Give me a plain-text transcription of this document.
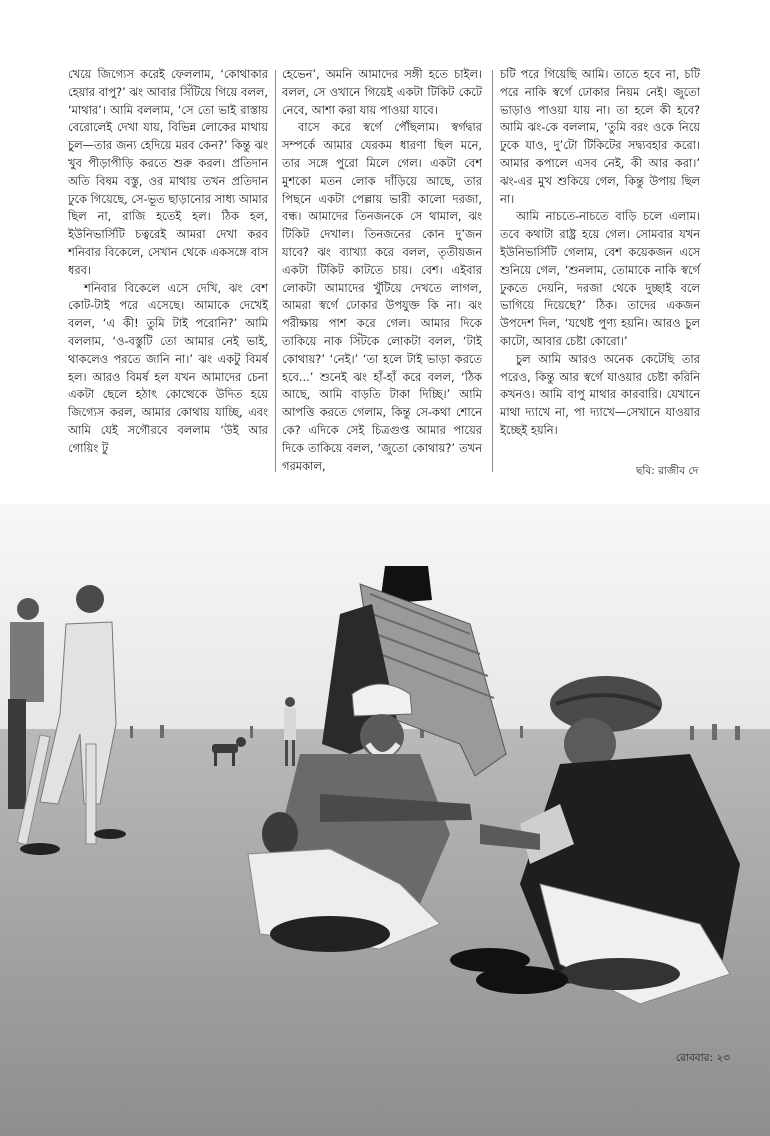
খেয়ে জিগ্যেস করেই ফেললাম, ‘কোথাকার হেয়ার বাপু?’ ঝং আবার সিঁটিয়ে গিয়ে বলল, ‘মাথার’। আমি বললাম, ‘সে তো ভাই রাস্তায় বেরোলেই দেখা যায়, বিভিন্ন লোকের মাথায় চুল—তার জন্য হেদিয়ে মরব কেন?’ কিন্তু ঝং খুব পীড়াপীড়ি করতে শুরু করল। প্রতিদান অতি বিষম বস্তু, ওর মাথায় তখন প্রতিদান ঢুকে গিয়েছে, সে-ভূত ছাড়ানোর সাধ্য আমার ছিল না, রাজি হতেই হল। ঠিক হল, ইউনিভার্সিটি চত্বরেই আমরা দেখা করব শনিবার বিকেলে, সেখান থেকে একসঙ্গে বাস ধরব।

শনিবার বিকেলে এসে দেখি, ঝং বেশ কোট-টাই পরে এসেছে। আমাকে দেখেই বলল, ‘এ কী! তুমি টাই পরোনি?’ আমি বললাম, ‘ও-বস্তুটি তো আমার নেই ভাই, থাকলেও পরতে জানি না।’ ঝং একটু বিমর্ষ হল। আরও বিমর্ষ হল যখন আমাদের চেনা একটা ছেলে হঠাৎ কোত্থেকে উদিত হয়ে জিগ্যেস করল, আমার কোথায় যাচ্ছি, এবং আমি যেই সগৌরবে বললাম ‘উই আর গোয়িং টু

হেভেন’, অমনি আমাদের সঙ্গী হতে চাইল। বলল, সে ওখানে গিয়েই একটা টিকিট কেটে নেবে, আশা করা যায় পাওয়া যাবে।

বাসে করে স্বর্গে পৌঁছলাম। স্বর্গদ্বার সম্পর্কে আমার যেরকম ধারণা ছিল মনে, তার সঙ্গে পুরো মিলে গেল। একটা বেশ মুশকো মতন লোক দাঁড়িয়ে আছে, তার পিছনে একটা পেল্লায় ভারী কালো দরজা, বন্ধ। আমাদের তিনজনকে সে থামাল, ঝং টিকিট দেখাল। তিনজনের কোন দু’জন যাবে? ঝং ব্যাখ্যা করে বলল, তৃতীয়জন একটা টিকিট কাটতে চায়। বেশ। এইবার লোকটা আমাদের খুঁটিয়ে দেখতে লাগল, আমরা স্বর্গে ঢোকার উপযুক্ত কি না। ঝং পরীক্ষায় পাশ করে গেল। আমার দিকে তাকিয়ে নাক সিঁটকে লোকটা বলল, ‘টাই কোথায়?’ ‘নেই।’ ‘তা হলে টাই ভাড়া করতে হবে...’ শুনেই ঝং হাঁ-হাঁ করে বলল, ‘ঠিক আছে, আমি বাড়তি টাকা দিচ্ছি।’ আমি আপত্তি করতে গেলাম, কিন্তু সে-কথা শোনে কে? এদিকে সেই চিত্রগুপ্ত আমার পায়ের দিকে তাকিয়ে বলল, ‘জুতো কোথায়?’ তখন গরমকাল,

চটি পরে গিয়েছি আমি। তাতে হবে না, চটি পরে নাকি স্বর্গে ঢোকার নিয়ম নেই। জুতো ভাড়াও পাওয়া যায় না। তা হলে কী হবে? আমি ঝং-কে বললাম, ‘তুমি বরং ওকে নিয়ে ঢুকে যাও, দু’টো টিকিটের সদ্ব্যবহার করো। আমার কপালে এসব নেই, কী আর করা।’ ঝং-এর মুখ শুকিয়ে গেল, কিন্তু উপায় ছিল না।

আমি নাচতে-নাচতে বাড়ি চলে এলাম। তবে কথাটা রাষ্ট্র হয়ে গেল। সোমবার যখন ইউনিভার্সিটি গেলাম, বেশ কয়েকজন এসে শুনিয়ে গেল, ‘শুনলাম, তোমাকে নাকি স্বর্গে ঢুকতে দেয়নি, দরজা থেকে দুচ্ছাই বলে ভাগিয়ে দিয়েছে?’ ঠিক। তাদের একজন উপদেশ দিল, ‘যথেষ্ট পুণ্য হয়নি। আরও চুল কাটো, আবার চেষ্টা কোরো।’

চুল আমি আরও অনেক কেটেছি তার পরেও, কিন্তু আর স্বর্গে যাওয়ার চেষ্টা করিনি কখনও। আমি বাপু মাথার কারবারি। যেখানে মাথা দ্যাখে না, পা দ্যাখে—সেখানে যাওয়ার ইচ্ছেই হয়নি।

ছবি: রাজীব দে
রোববার: ২৩
